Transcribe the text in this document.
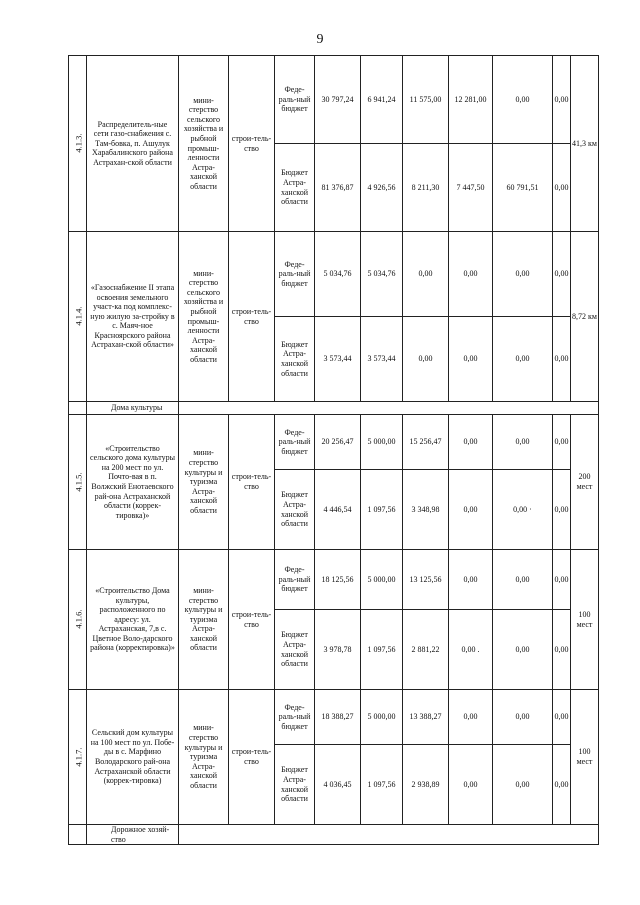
9
4.1.3.	Распределитель-ные сети газо-снабжения с. Там-бовка, п. Ашулук Харабалинского района Астрахан-ской области	мини-стерство сельского хозяйства и рыбной промыш-ленности Астра-ханской области	строи-тель-ство	Феде-раль-ный бюджет	30 797,24	6 941,24	11 575,00	12 281,00	0,00	0,00	41,3 км
				Бюджет Астра-ханской области	81 376,87	4 926,56	8 211,30	7 447,50	60 791,51	0,00	
4.1.4.	«Газоснабжение II этапа освоения земельного участ-ка под комплекс-ную жилую за-стройку в с. Маяч-ное Красноярского района Астрахан-ской области»	мини-стерство сельского хозяйства и рыбной промыш-ленности Астра-ханской области	строи-тель-ство	Феде-раль-ный бюджет	5 034,76	5 034,76	0,00	0,00	0,00	0,00	8,72 км
				Бюджет Астра-ханской области	3 573,44	3 573,44	0,00	0,00	0,00	0,00	
	Дома культуры										
4.1.5.	«Строительство сельского дома культуры на 200 мест по ул. Почто-вая в п. Волжский Енотаевского рай-она Астраханской области (коррек-тировка)»	мини-стерство культуры и туризма Астра-ханской области	строи-тель-ство	Феде-раль-ный бюджет	20 256,47	5 000,00	15 256,47	0,00	0,00	0,00	200 мест
				Бюджет Астра-ханской области	4 446,54	1 097,56	3 348,98	0,00	0,00 ·	0,00	
4.1.6.	«Строительство Дома культуры, расположенного по адресу: ул. Астраханская, 7,в с. Цветное Воло-дарского района (корректировка)»	мини-стерство культуры и туризма Астра-ханской области	строи-тель-ство	Феде-раль-ный бюджет	18 125,56	5 000,00	13 125,56	0,00	0,00	0,00	100 мест
				Бюджет Астра-ханской области	3 978,78	1 097,56	2 881,22	0,00 .	0,00	0,00	
4.1.7.	Сельский дом культуры на 100 мест по ул. Побе-ды в с. Марфино Володарского рай-она Астраханской области (коррек-тировка)	мини-стерство культуры и туризма Астра-ханской области	строи-тель-ство	Феде-раль-ный бюджет	18 388,27	5 000,00	13 388,27	0,00	0,00	0,00	100 мест
				Бюджет Астра-ханской области	4 036,45	1 097,56	2 938,89	0,00	0,00	0,00	
	Дорожное хозяй-ство										
